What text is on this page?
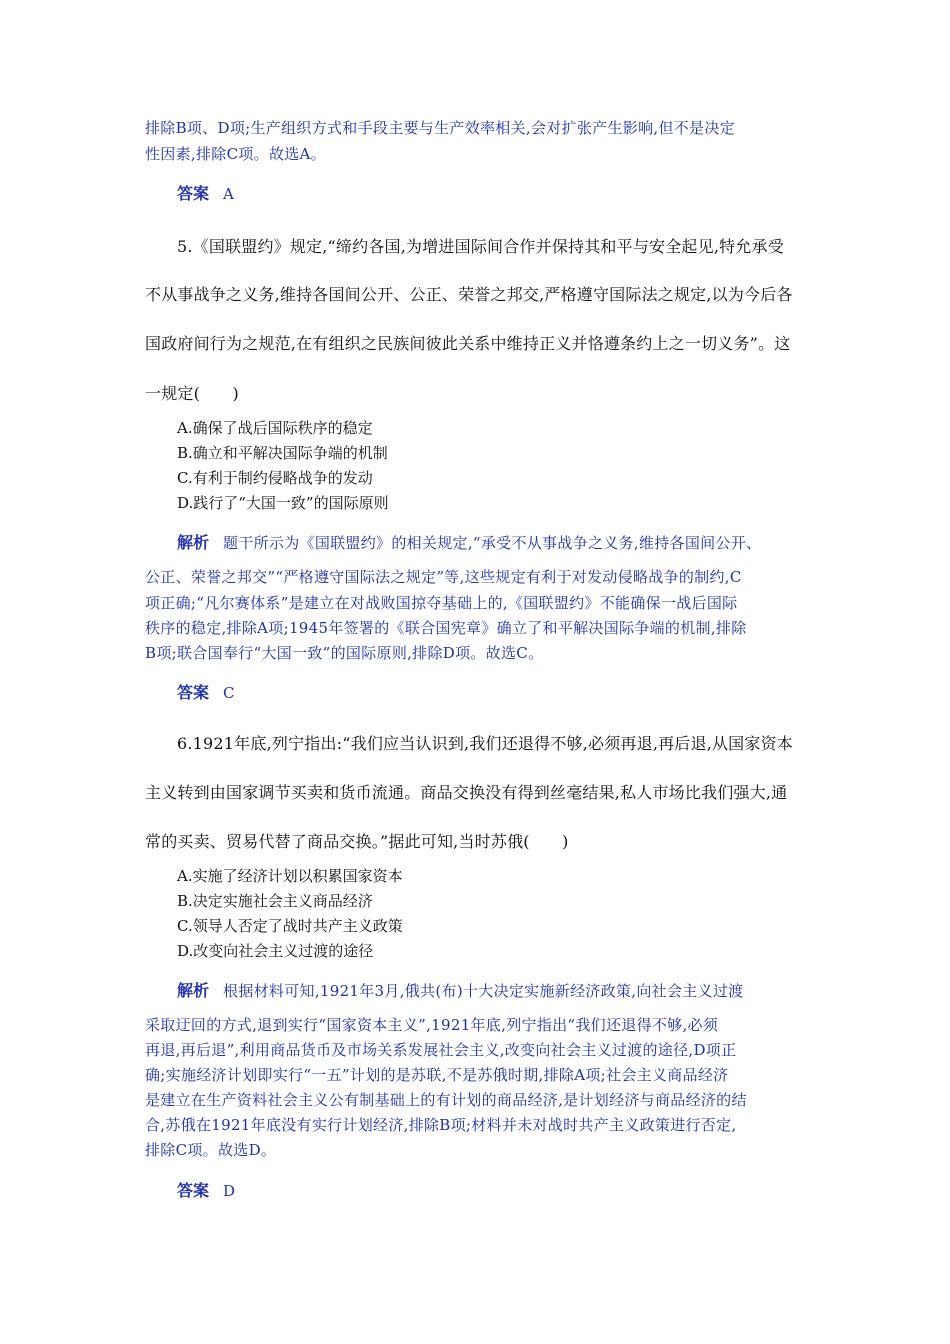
排除B项、D项;生产组织方式和手段主要与生产效率相关,会对扩张产生影响,但不是决定

性因素,排除C项。故选A。

答案 A

5.《国联盟约》规定,“缔约各国,为增进国际间合作并保持其和平与安全起见,特允承受

不从事战争之义务,维持各国间公开、公正、荣誉之邦交,严格遵守国际法之规定,以为今后各

国政府间行为之规范,在有组织之民族间彼此关系中维持正义并恪遵条约上之一切义务”。这

一规定(　　)

A.确保了战后国际秩序的稳定

B.确立和平解决国际争端的机制

C.有利于制约侵略战争的发动

D.践行了“大国一致”的国际原则

解析 题干所示为《国联盟约》的相关规定,“承受不从事战争之义务,维持各国间公开、

公正、荣誉之邦交”“严格遵守国际法之规定”等,这些规定有利于对发动侵略战争的制约,C

项正确;“凡尔赛体系”是建立在对战败国掠夺基础上的,《国联盟约》不能确保一战后国际

秩序的稳定,排除A项;1945年签署的《联合国宪章》确立了和平解决国际争端的机制,排除

B项;联合国奉行“大国一致”的国际原则,排除D项。故选C。

答案 C

6.1921年底,列宁指出:“我们应当认识到,我们还退得不够,必须再退,再后退,从国家资本

主义转到由国家调节买卖和货币流通。商品交换没有得到丝毫结果,私人市场比我们强大,通

常的买卖、贸易代替了商品交换。”据此可知,当时苏俄(　　)

A.实施了经济计划以积累国家资本

B.决定实施社会主义商品经济

C.领导人否定了战时共产主义政策

D.改变向社会主义过渡的途径

解析 根据材料可知,1921年3月,俄共(布)十大决定实施新经济政策,向社会主义过渡

采取迂回的方式,退到实行“国家资本主义”,1921年底,列宁指出“我们还退得不够,必须

再退,再后退”,利用商品货币及市场关系发展社会主义,改变向社会主义过渡的途径,D项正

确;实施经济计划即实行“一五”计划的是苏联,不是苏俄时期,排除A项;社会主义商品经济

是建立在生产资料社会主义公有制基础上的有计划的商品经济,是计划经济与商品经济的结

合,苏俄在1921年底没有实行计划经济,排除B项;材料并未对战时共产主义政策进行否定,

排除C项。故选D。

答案 D
